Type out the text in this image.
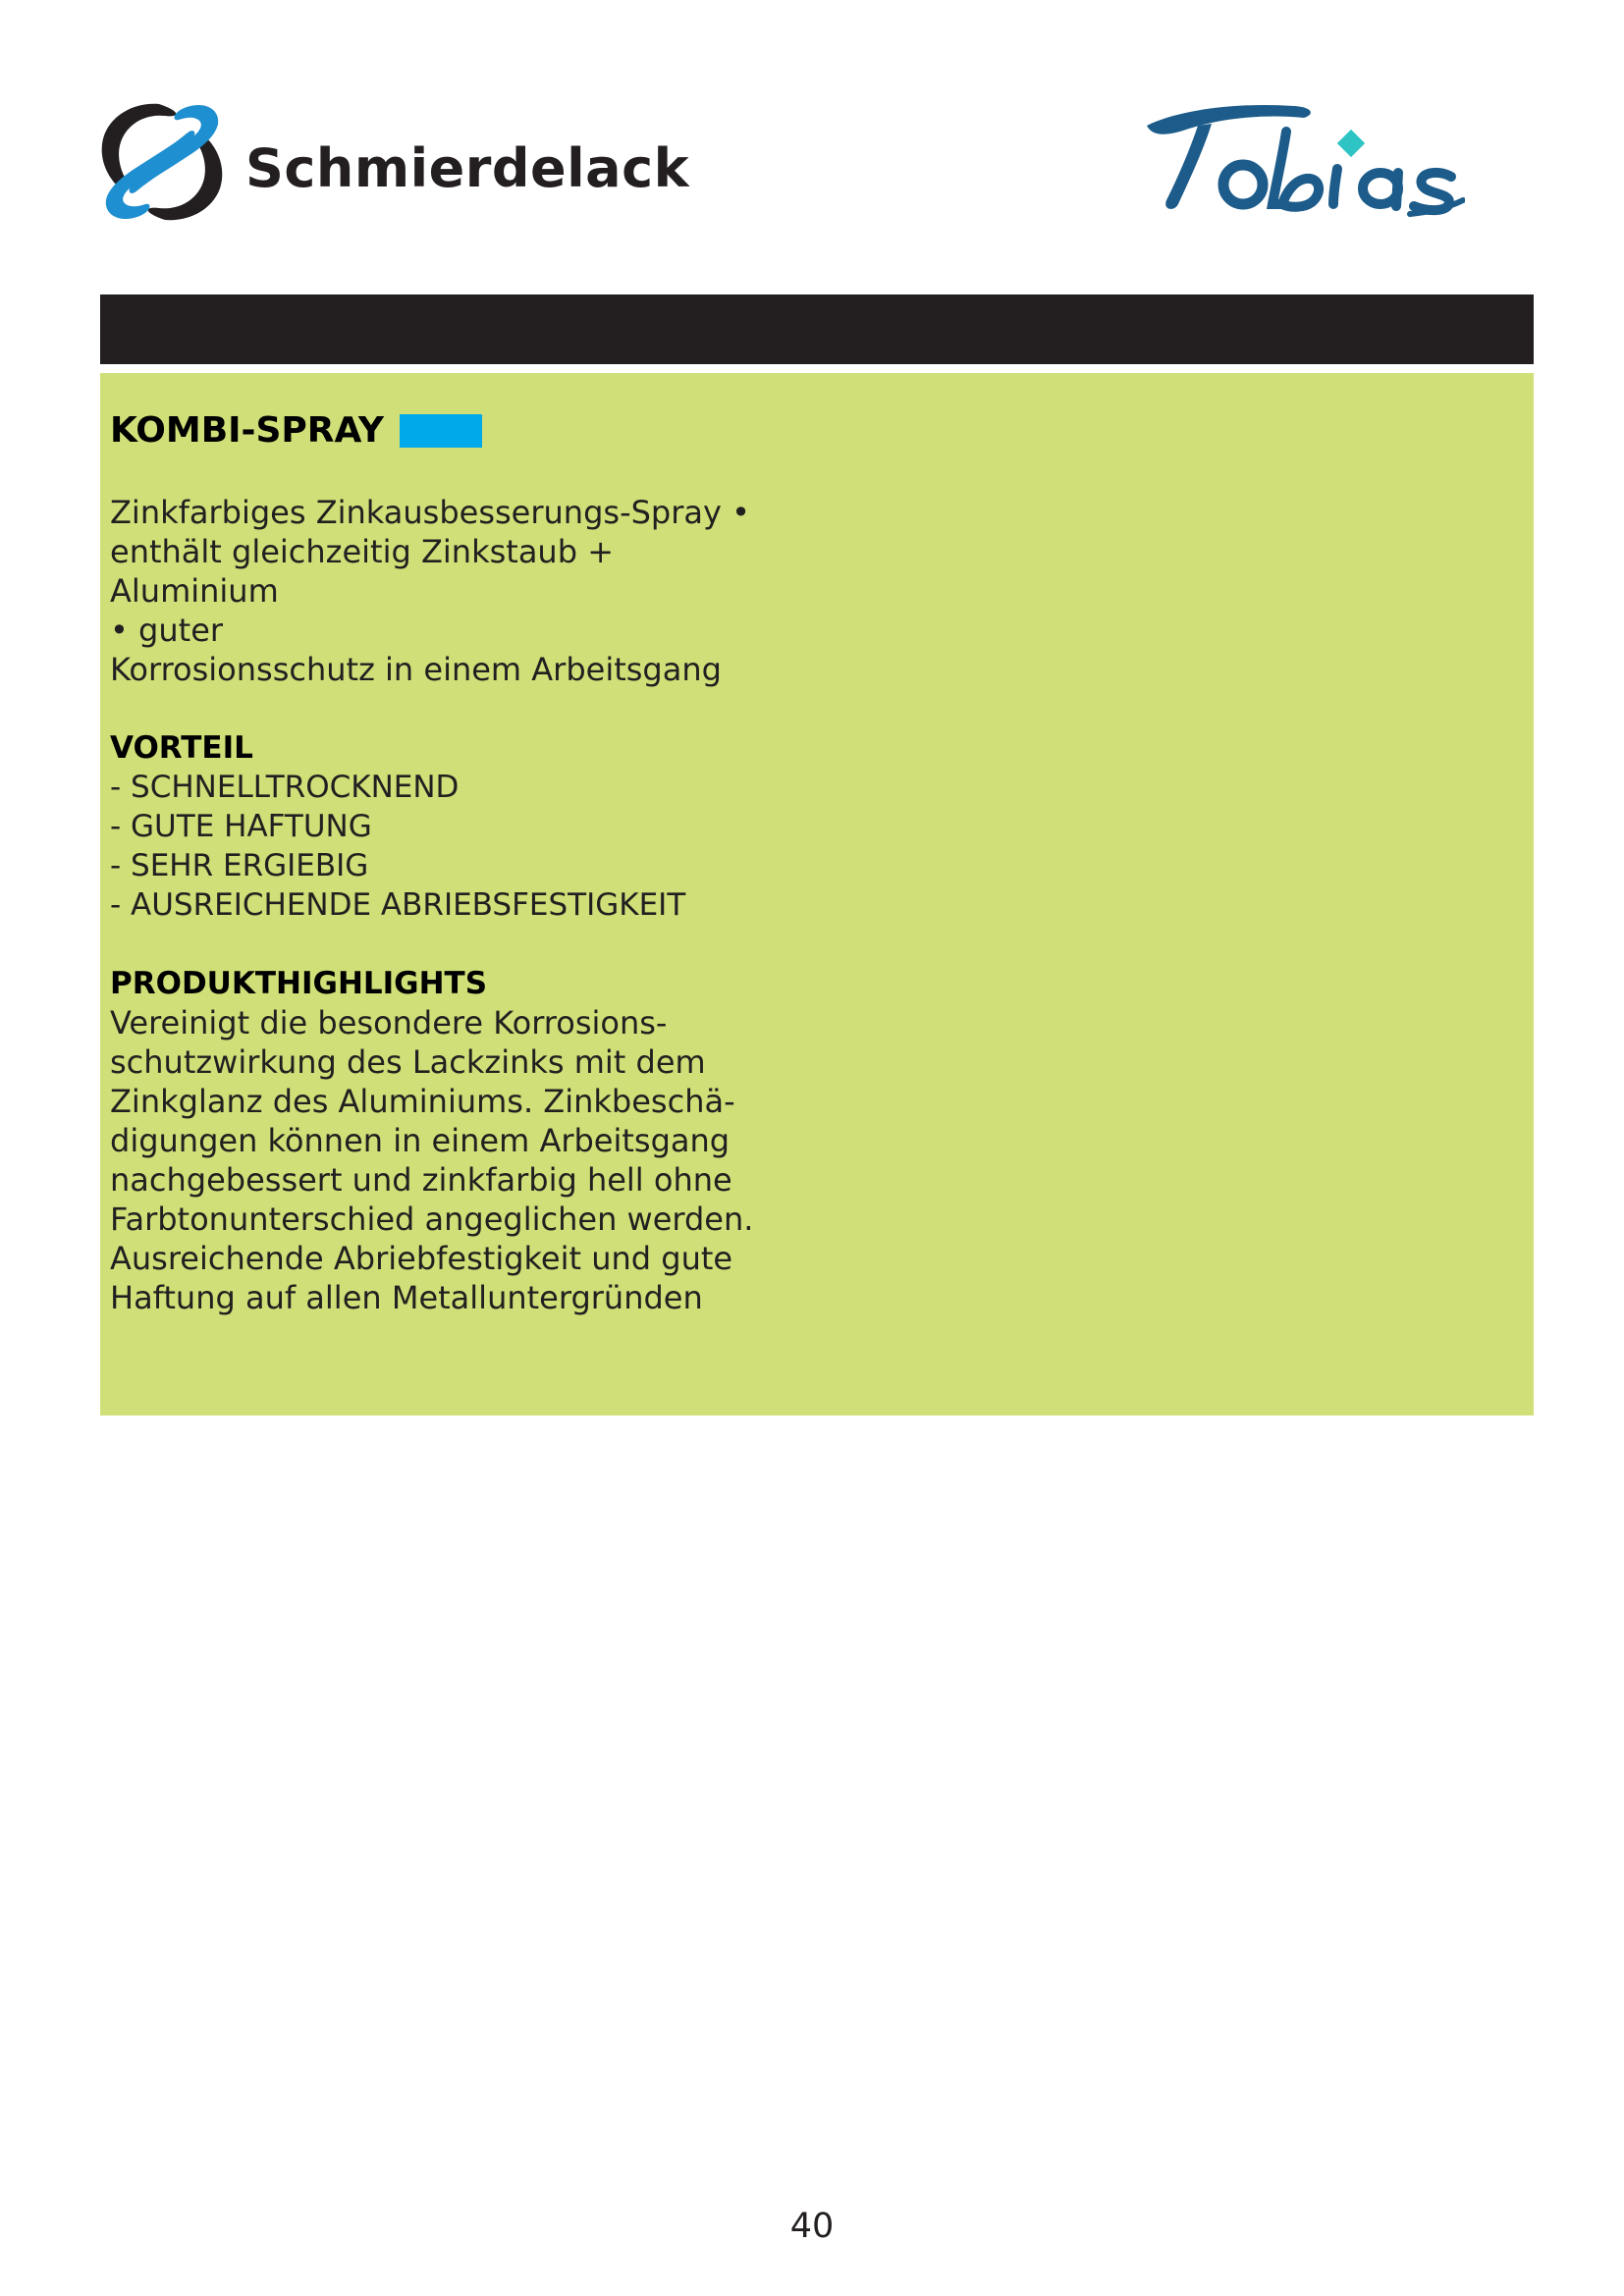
Schmierdelack
KOMBI-SPRAY
Zinkfarbiges Zinkausbesserungs-Spray •
enthält gleichzeitig Zinkstaub + Aluminium
• guter
Korrosionsschutz in einem Arbeitsgang
VORTEIL
- SCHNELLTROCKNEND
- GUTE HAFTUNG
- SEHR ERGIEBIG
- AUSREICHENDE ABRIEBSFESTIGKEIT
PRODUKTHIGHLIGHTS
Vereinigt die besondere Korrosions-
schutzwirkung des Lackzinks mit dem
Zinkglanz des Aluminiums. Zinkbeschä-
digungen können in einem Arbeitsgang
nachgebessert und zinkfarbig hell ohne
Farbtonunterschied angeglichen werden.
Ausreichende Abriebfestigkeit und gute
Haftung auf allen Metalluntergründen
40
